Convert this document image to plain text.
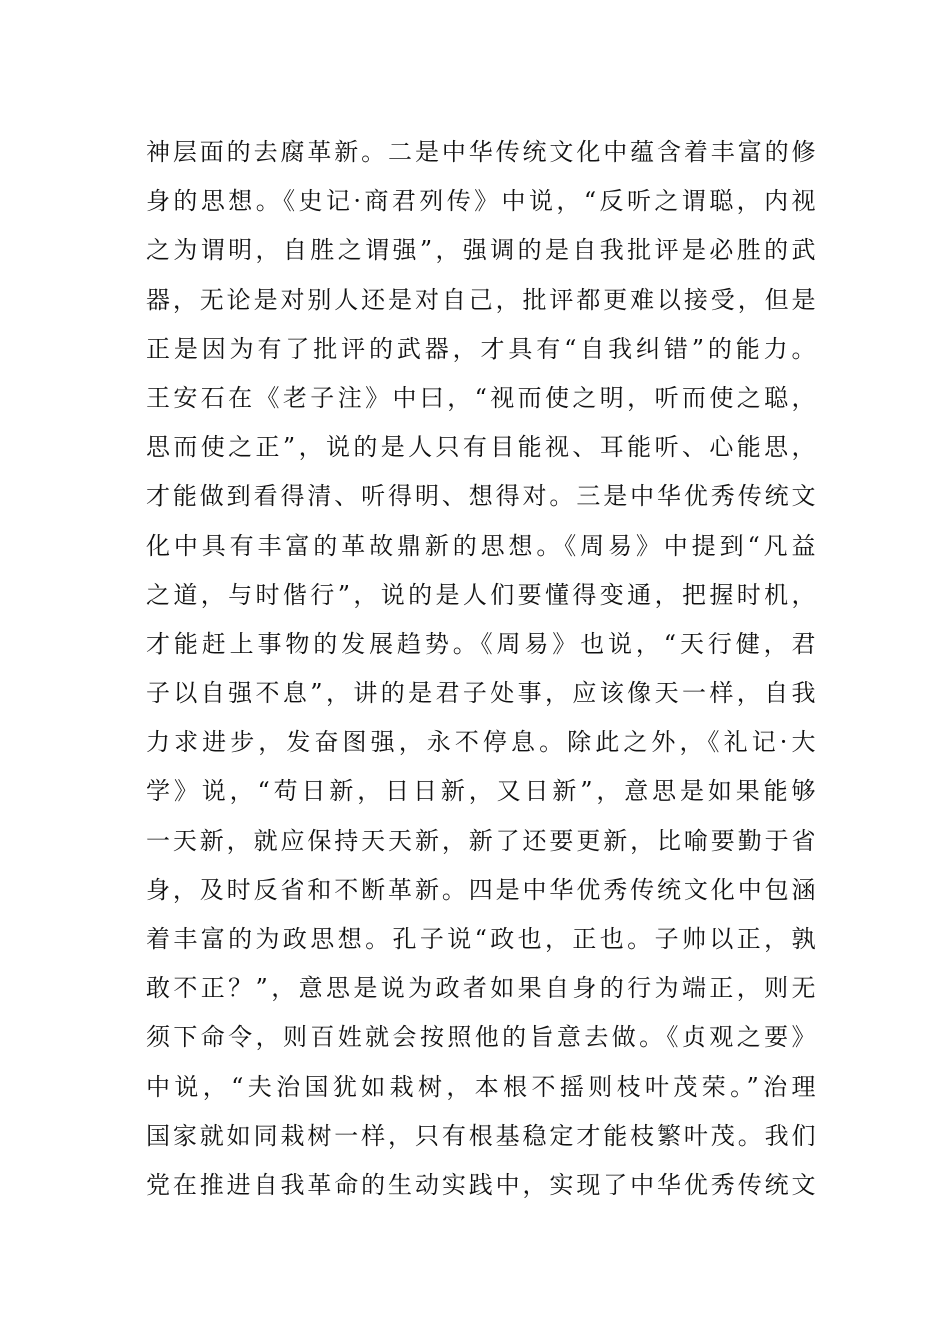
神层面的去腐革新。二是中华传统文化中蕴含着丰富的修
身的思想。《史记·商君列传》中说，“反听之谓聪，内视
之为谓明，自胜之谓强”，强调的是自我批评是必胜的武
器，无论是对别人还是对自己，批评都更难以接受，但是
正是因为有了批评的武器，才具有“自我纠错”的能力。
王安石在《老子注》中曰，“视而使之明，听而使之聪，
思而使之正”，说的是人只有目能视、耳能听、心能思，
才能做到看得清、听得明、想得对。三是中华优秀传统文
化中具有丰富的革故鼎新的思想。《周易》中提到“凡益
之道，与时偕行”，说的是人们要懂得变通，把握时机，
才能赶上事物的发展趋势。《周易》也说，“天行健，君
子以自强不息”，讲的是君子处事，应该像天一样，自我
力求进步，发奋图强，永不停息。除此之外，《礼记·大
学》说，“苟日新，日日新，又日新”，意思是如果能够
一天新，就应保持天天新，新了还要更新，比喻要勤于省
身，及时反省和不断革新。四是中华优秀传统文化中包涵
着丰富的为政思想。孔子说“政也，正也。子帅以正，孰
敢不正？”，意思是说为政者如果自身的行为端正，则无
须下命令，则百姓就会按照他的旨意去做。《贞观之要》
中说，“夫治国犹如栽树，本根不摇则枝叶茂荣。”治理
国家就如同栽树一样，只有根基稳定才能枝繁叶茂。我们
党在推进自我革命的生动实践中，实现了中华优秀传统文
